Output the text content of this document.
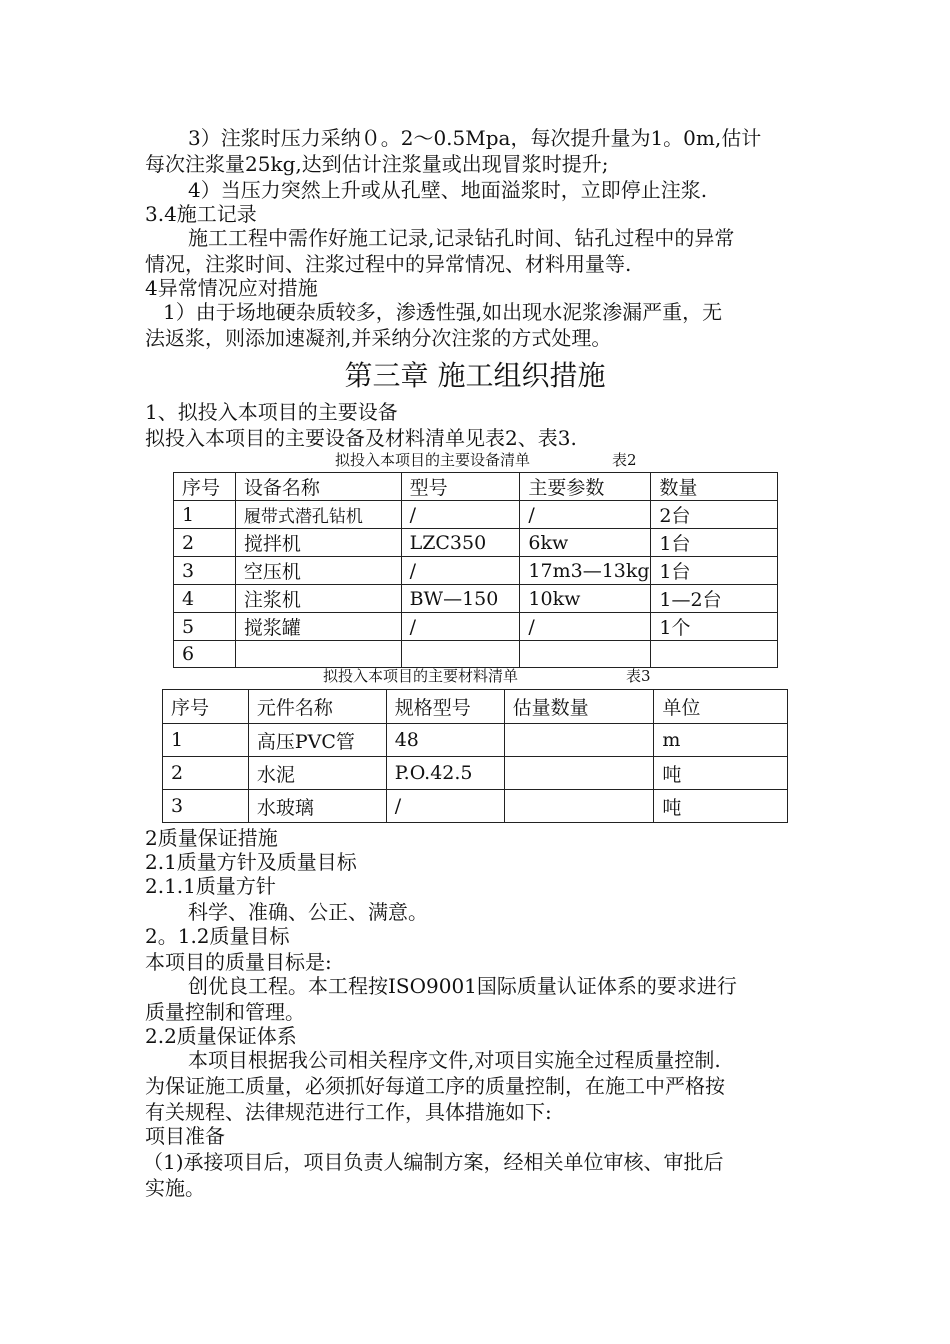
3）注浆时压力采纳０。2～0.5Mpa，每次提升量为1。0m,估计
每次注浆量25kg,达到估计注浆量或出现冒浆时提升;
4）当压力突然上升或从孔壁、地面溢浆时，立即停止注浆.
3.4施工记录
施工工程中需作好施工记录,记录钻孔时间、钻孔过程中的异常
情况，注浆时间、注浆过程中的异常情况、材料用量等.
4异常情况应对措施
1）由于场地硬杂质较多，渗透性强,如出现水泥浆渗漏严重，无
法返浆，则添加速凝剂,并采纳分次注浆的方式处理。
第三章 施工组织措施
1、拟投入本项目的主要设备
拟投入本项目的主要设备及材料清单见表2、表3.
拟投入本项目的主要设备清单	表2
序号	设备名称	型号	主要参数	数量
1	履带式潜孔钻机	/	/	2台
2	搅拌机	LZC350	6kw	1台
3	空压机	/	17m3—13kg	1台
4	注浆机	BW—150	10kw	1—2台
5	搅浆罐	/	/	1个
6				
拟投入本项目的主要材料清单	表3
序号	元件名称	规格型号	估量数量	单位
1	高压PVC管	48		m
2	水泥	P.O.42.5		吨
3	水玻璃	/		吨
2质量保证措施
2.1质量方针及质量目标
2.1.1质量方针
科学、准确、公正、满意。
2。1.2质量目标
本项目的质量目标是:
创优良工程。本工程按ISO9001国际质量认证体系的要求进行
质量控制和管理。
2.2质量保证体系
本项目根据我公司相关程序文件,对项目实施全过程质量控制.
为保证施工质量，必须抓好每道工序的质量控制，在施工中严格按
有关规程、法律规范进行工作，具体措施如下:
项目准备
（1)承接项目后，项目负责人编制方案，经相关单位审核、审批后
实施。
